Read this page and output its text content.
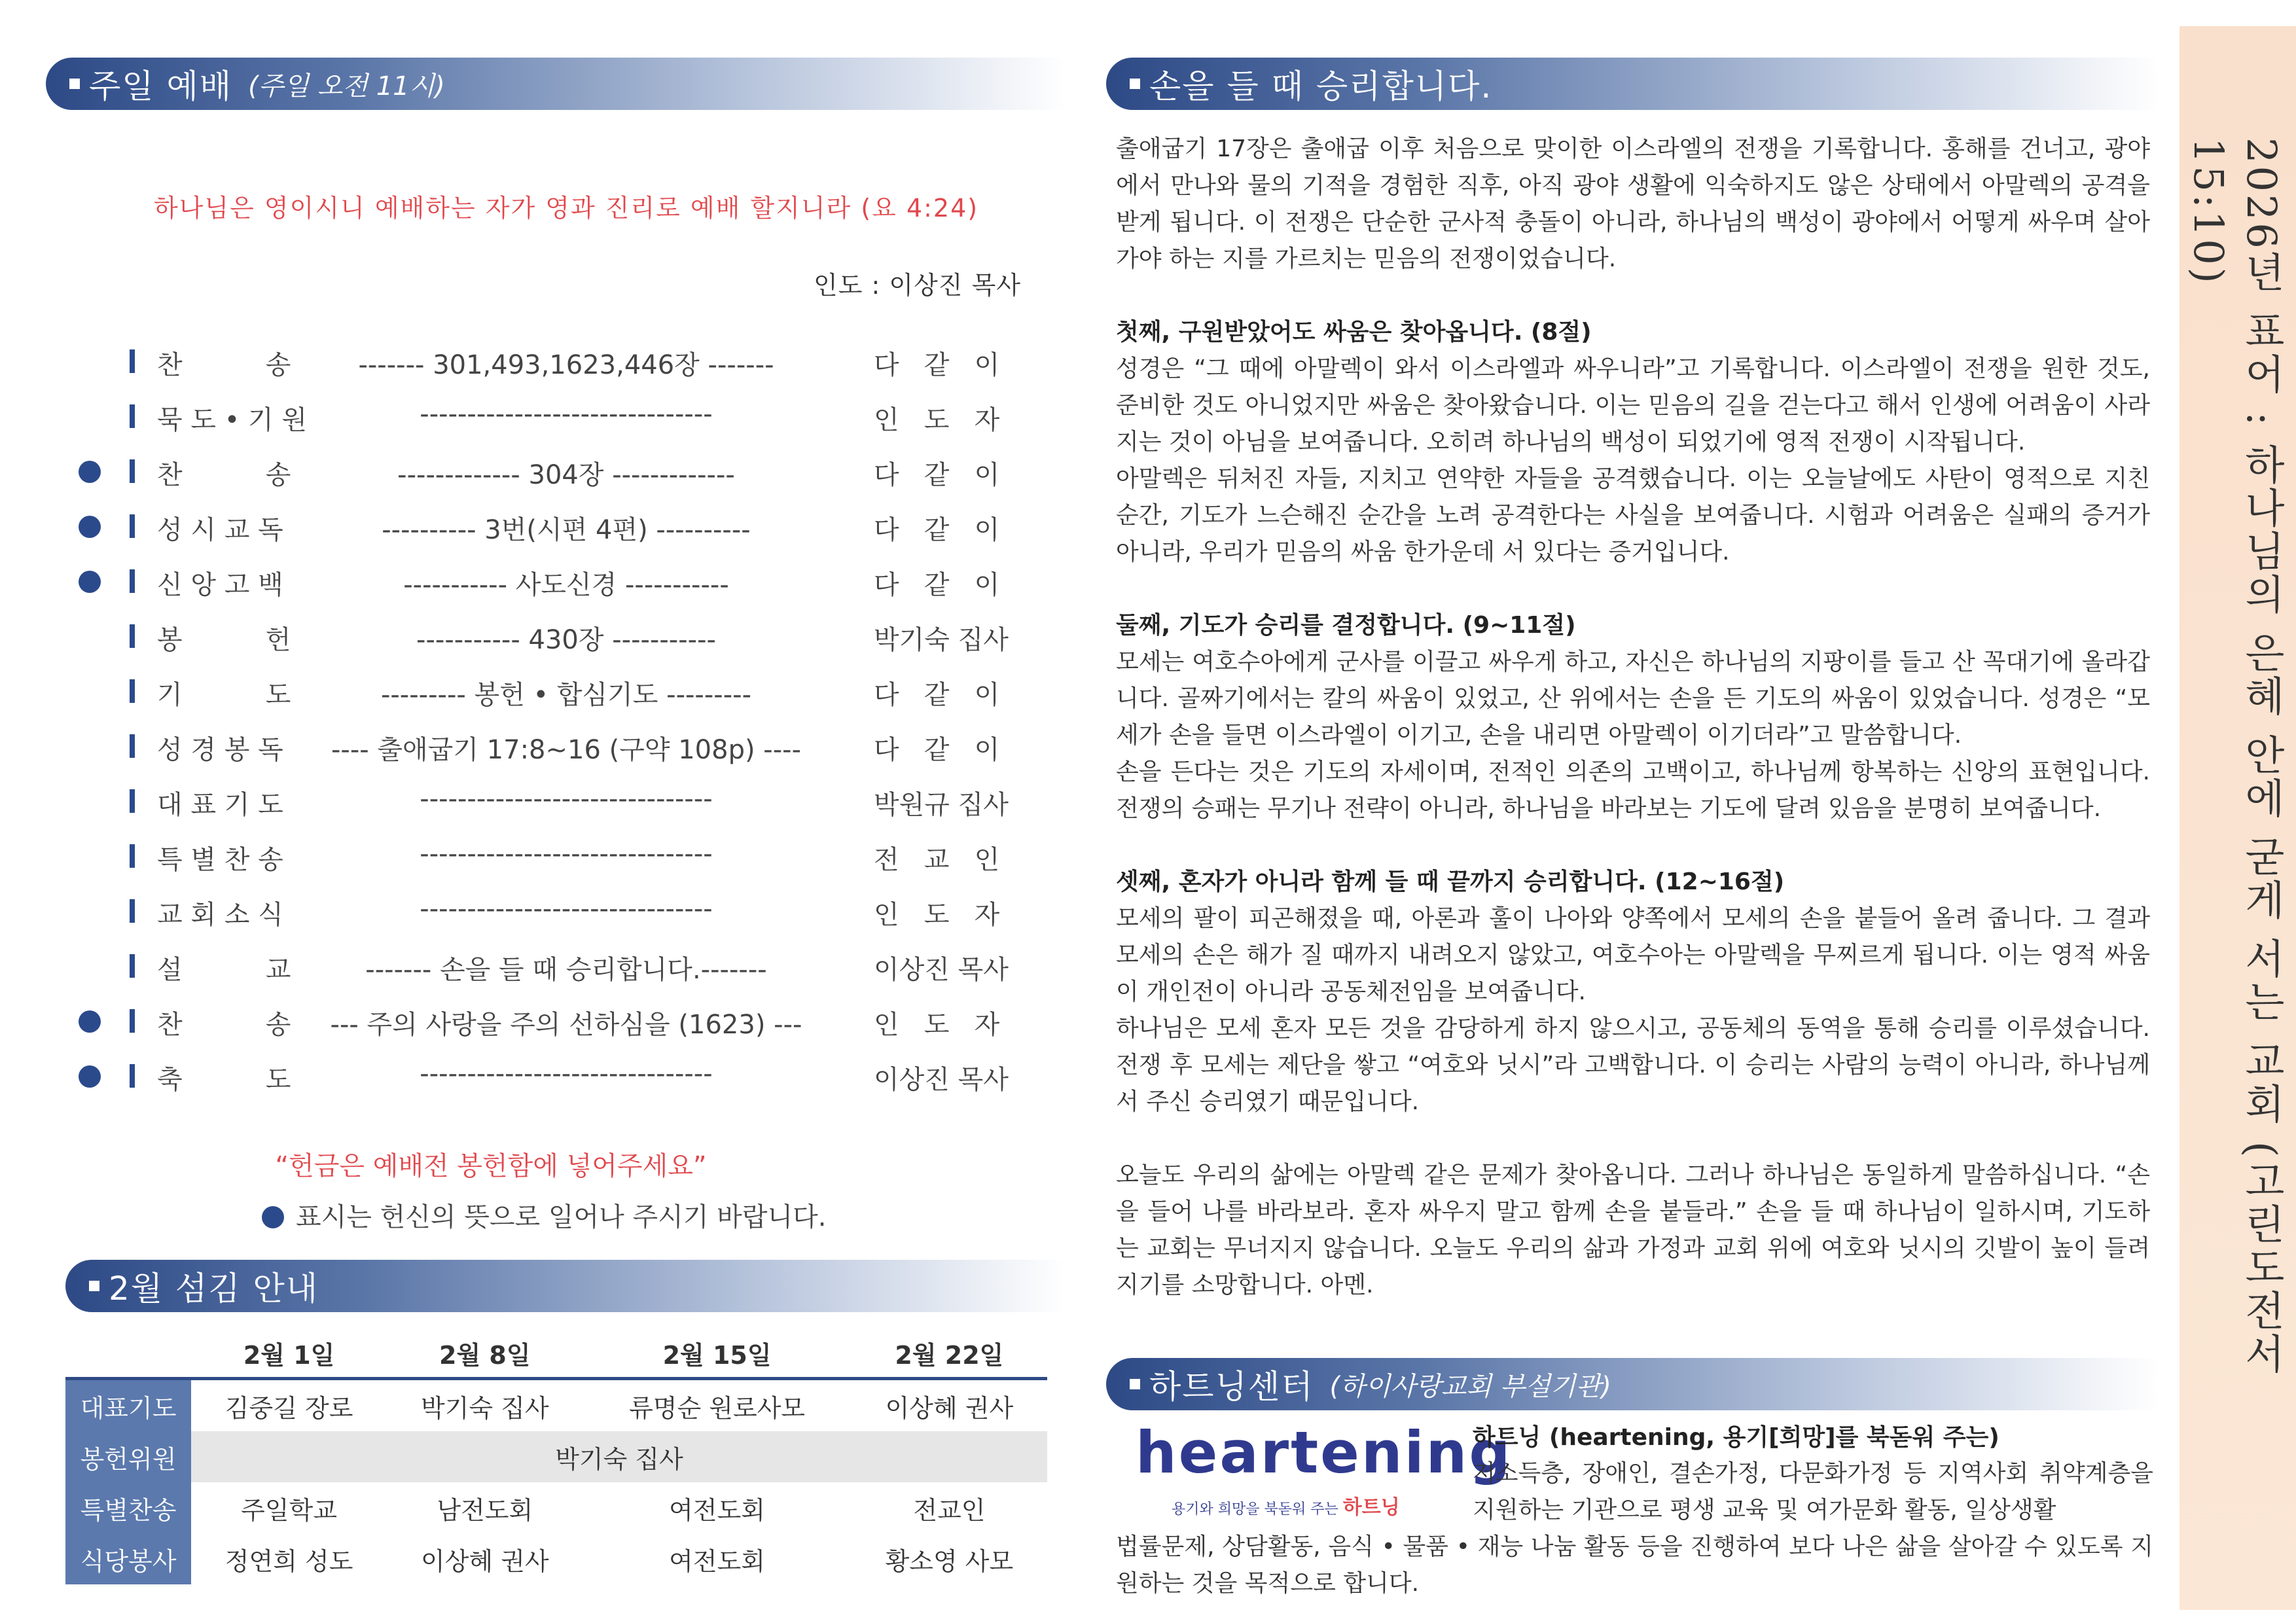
주일 예배 (주일 오전 11시)
하나님은 영이시니 예배하는 자가 영과 진리로 예배 할지니라 (요 4:24)
인도 : 이상진 목사
찬          송	------- 301,493,1623,446장 -------	다   같   이
묵 도 • 기 원	-------------------------------	인   도   자
찬          송	------------- 304장 -------------	다   같   이
성 시 교 독	---------- 3번(시편 4편) ----------	다   같   이
신 앙 고 백	----------- 사도신경 -----------	다   같   이
봉          헌	----------- 430장 -----------	박기숙 집사
기          도	--------- 봉헌 • 합심기도 ---------	다   같   이
성 경 봉 독	---- 출애굽기 17:8~16 (구약 108p) ----	다   같   이
대 표 기 도	-------------------------------	박원규 집사
특 별 찬 송	-------------------------------	전   교   인
교 회 소 식	-------------------------------	인   도   자
설          교	------- 손을 들 때 승리합니다.-------	이상진 목사
찬          송	--- 주의 사랑을 주의 선하심을 (1623) ---	인   도   자
축          도	-------------------------------	이상진 목사
“헌금은 예배전 봉헌함에 넣어주세요”
표시는 헌신의 뜻으로 일어나 주시기 바랍니다.
2월 섬김 안내
	2월 1일	2월 8일	2월 15일	2월 22일
대표기도	김중길 장로	박기숙 집사	류명순 원로사모	이상혜 권사
봉헌위원	박기숙 집사			
특별찬송	주일학교	남전도회	여전도회	전교인
식당봉사	정연희 성도	이상혜 권사	여전도회	황소영 사모
손을 들 때 승리합니다.

출애굽기 17장은 출애굽 이후 처음으로 맞이한 이스라엘의 전쟁을 기록합니다. 홍해를 건너고, 광야에서 만나와 물의 기적을 경험한 직후, 아직 광야 생활에 익숙하지도 않은 상태에서 아말렉의 공격을 받게 됩니다. 이 전쟁은 단순한 군사적 충돌이 아니라, 하나님의 백성이 광야에서 어떻게 싸우며 살아가야 하는 지를 가르치는 믿음의 전쟁이었습니다.

첫째, 구원받았어도 싸움은 찾아옵니다. (8절)

성경은 “그 때에 아말렉이 와서 이스라엘과 싸우니라”고 기록합니다. 이스라엘이 전쟁을 원한 것도, 준비한 것도 아니었지만 싸움은 찾아왔습니다. 이는 믿음의 길을 걷는다고 해서 인생에 어려움이 사라지는 것이 아님을 보여줍니다. 오히려 하나님의 백성이 되었기에 영적 전쟁이 시작됩니다.

아말렉은 뒤처진 자들, 지치고 연약한 자들을 공격했습니다. 이는 오늘날에도 사탄이 영적으로 지친 순간, 기도가 느슨해진 순간을 노려 공격한다는 사실을 보여줍니다. 시험과 어려움은 실패의 증거가 아니라, 우리가 믿음의 싸움 한가운데 서 있다는 증거입니다.

둘째, 기도가 승리를 결정합니다. (9~11절)

모세는 여호수아에게 군사를 이끌고 싸우게 하고, 자신은 하나님의 지팡이를 들고 산 꼭대기에 올라갑니다. 골짜기에서는 칼의 싸움이 있었고, 산 위에서는 손을 든 기도의 싸움이 있었습니다. 성경은 “모세가 손을 들면 이스라엘이 이기고, 손을 내리면 아말렉이 이기더라”고 말씀합니다.

손을 든다는 것은 기도의 자세이며, 전적인 의존의 고백이고, 하나님께 항복하는 신앙의 표현입니다. 전쟁의 승패는 무기나 전략이 아니라, 하나님을 바라보는 기도에 달려 있음을 분명히 보여줍니다.

셋째, 혼자가 아니라 함께 들 때 끝까지 승리합니다. (12~16절)

모세의 팔이 피곤해졌을 때, 아론과 훌이 나아와 양쪽에서 모세의 손을 붙들어 올려 줍니다. 그 결과 모세의 손은 해가 질 때까지 내려오지 않았고, 여호수아는 아말렉을 무찌르게 됩니다. 이는 영적 싸움이 개인전이 아니라 공동체전임을 보여줍니다.

하나님은 모세 혼자 모든 것을 감당하게 하지 않으시고, 공동체의 동역을 통해 승리를 이루셨습니다. 전쟁 후 모세는 제단을 쌓고 “여호와 닛시”라 고백합니다. 이 승리는 사람의 능력이 아니라, 하나님께서 주신 승리였기 때문입니다.

오늘도 우리의 삶에는 아말렉 같은 문제가 찾아옵니다. 그러나 하나님은 동일하게 말씀하십니다. “손을 들어 나를 바라보라. 혼자 싸우지 말고 함께 손을 붙들라.” 손을 들 때 하나님이 일하시며, 기도하는 교회는 무너지지 않습니다. 오늘도 우리의 삶과 가정과 교회 위에 여호와 닛시의 깃발이 높이 들려지기를 소망합니다. 아멘.

하트닝센터 (하이사랑교회 부설기관)
heartening
용기와 희망을 북돋워 주는 하트닝
하트닝 (heartening, 용기[희망]를 북돋워 주는)
저소득층, 장애인, 결손가정, 다문화가정 등 지역사회 취약계층을 지원하는 기관으로 평생 교육 및 여가문화 활동, 일상생활
법률문제, 상담활동, 음식 • 물품 • 재능 나눔 활동 등을 진행하여 보다 나은 삶을 살아갈 수 있도록 지원하는 것을 목적으로 합니다.
2026년 표어 : 하나님의 은혜 안에 굳게 서는 교회 (고린도전서 15:10)
